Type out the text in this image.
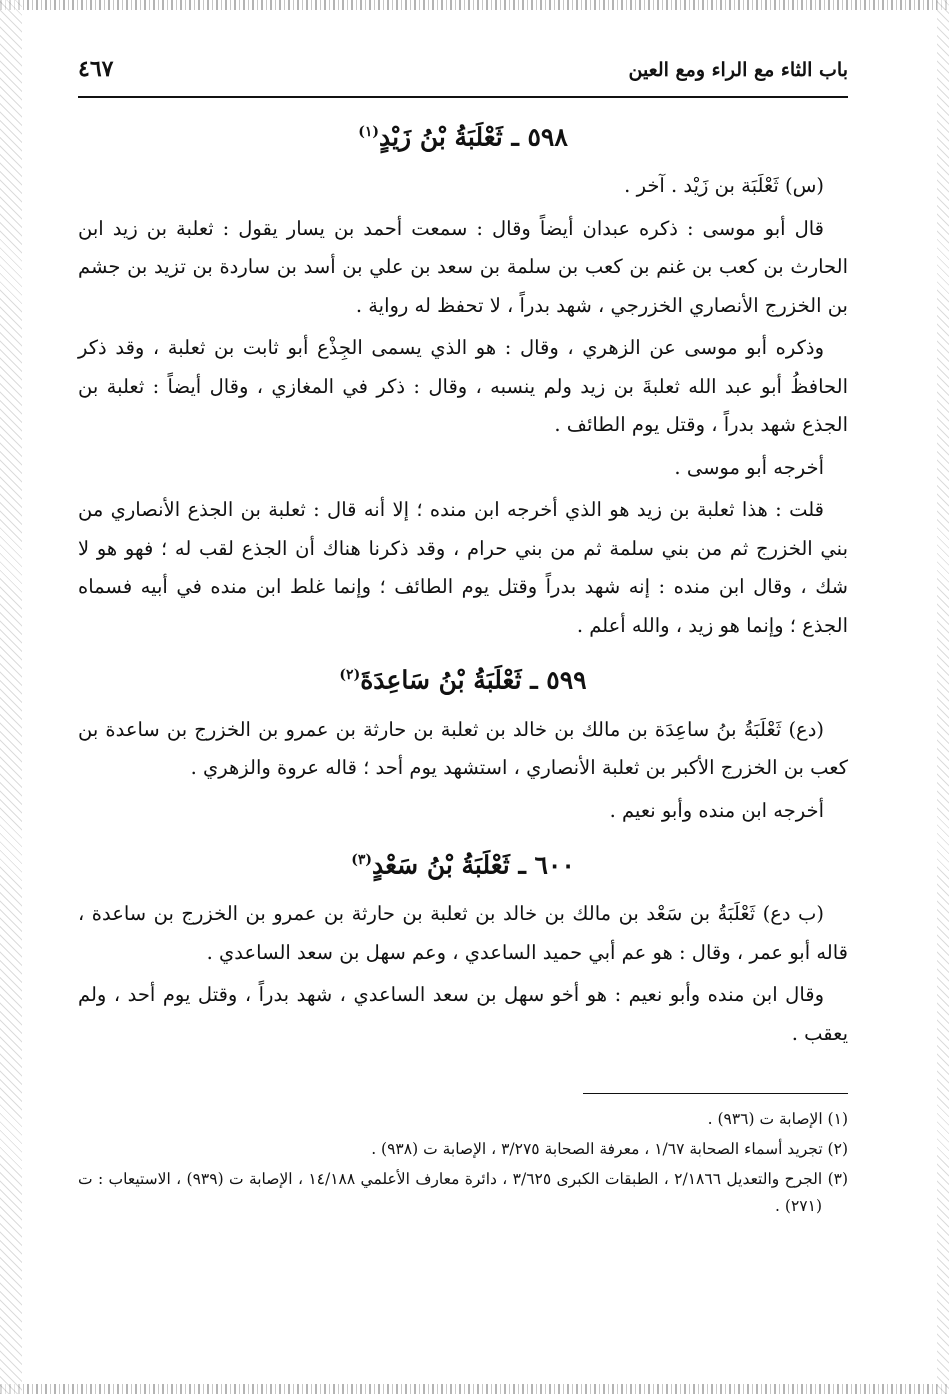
باب الثاء مع الراء ومع العين
٤٦٧
٥٩٨ ـ ثَعْلَبَةُ بْنُ زَيْدٍ$^{(١)}$

(س) ثَعْلَبَة بن زَيْد . آخر .

قال أبو موسى : ذكره عبدان أيضاً وقال : سمعت أحمد بن يسار يقول : ثعلبة بن زيد ابن الحارث بن كعب بن غنم بن كعب بن سلمة بن سعد بن علي بن أسد بن ساردة بن تزيد بن جشم بن الخزرج الأنصاري الخزرجي ، شهد بدراً ، لا تحفظ له رواية .

وذكره أبو موسى عن الزهري ، وقال : هو الذي يسمى الجِذْع أبو ثابت بن ثعلبة ، وقد ذكر الحافظُ أبو عبد الله ثعلبةَ بن زيد ولم ينسبه ، وقال : ذكر في المغازي ، وقال أيضاً : ثعلبة بن الجذع شهد بدراً ، وقتل يوم الطائف .

أخرجه أبو موسى .

قلت : هذا ثعلبة بن زيد هو الذي أخرجه ابن منده ؛ إلا أنه قال : ثعلبة بن الجذع الأنصاري من بني الخزرج ثم من بني سلمة ثم من بني حرام ، وقد ذكرنا هناك أن الجذع لقب له ؛ فهو هو لا شك ، وقال ابن منده : إنه شهد بدراً وقتل يوم الطائف ؛ وإنما غلط ابن منده في أبيه فسماه الجذع ؛ وإنما هو زيد ، والله أعلم .

٥٩٩ ـ ثَعْلَبَةُ بْنُ سَاعِدَةَ$^{(٢)}$

(دع) ثَعْلَبَةُ بنُ ساعِدَة بن مالك بن خالد بن ثعلبة بن حارثة بن عمرو بن الخزرج بن ساعدة بن كعب بن الخزرج الأكبر بن ثعلبة الأنصاري ، استشهد يوم أحد ؛ قاله عروة والزهري .

أخرجه ابن منده وأبو نعيم .

٦٠٠ ـ ثَعْلَبَةُ بْنُ سَعْدٍ$^{(٣)}$

(ب دع) ثَعْلَبَةُ بن سَعْد بن مالك بن خالد بن ثعلبة بن حارثة بن عمرو بن الخزرج بن ساعدة ، قاله أبو عمر ، وقال : هو عم أبي حميد الساعدي ، وعم سهل بن سعد الساعدي .

وقال ابن منده وأبو نعيم : هو أخو سهل بن سعد الساعدي ، شهد بدراً ، وقتل يوم أحد ، ولم يعقب .

(١) الإصابة ت (٩٣٦) .

(٢) تجريد أسماء الصحابة ١/٦٧ ، معرفة الصحابة ٣/٢٧٥ ، الإصابة ت (٩٣٨) .

(٣) الجرح والتعديل ٢/١٨٦٦ ، الطبقات الكبرى ٣/٦٢٥ ، دائرة معارف الأعلمي ١٤/١٨٨ ، الإصابة ت (٩٣٩) ، الاستيعاب : ت (٢٧١) .
